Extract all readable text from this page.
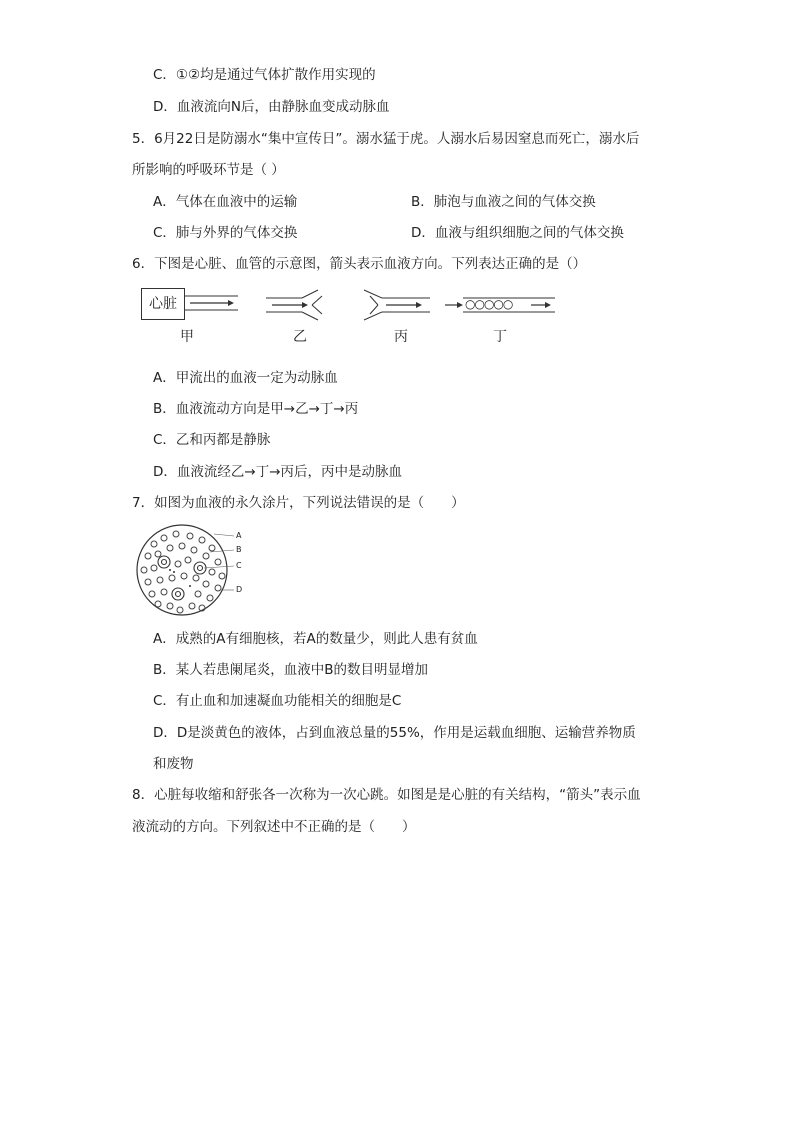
C．①②均是通过气体扩散作用实现的
D．血液流向N后，由静脉血变成动脉血
5．6月22日是防溺水“集中宣传日”。溺水猛于虎。人溺水后易因窒息而死亡，溺水后
所影响的呼吸环节是（ ）
A．气体在血液中的运输	B．肺泡与血液之间的气体交换
C．肺与外界的气体交换	D．血液与组织细胞之间的气体交换
6．下图是心脏、血管的示意图，箭头表示血液方向。下列表达正确的是（）
心脏	○○○○○
甲	乙	丙	丁
A．甲流出的血液一定为动脉血
B．血液流动方向是甲→乙→丁→丙
C．乙和丙都是静脉
D．血液流经乙→丁→丙后，丙中是动脉血
7．如图为血液的永久涂片，下列说法错误的是（　　）
A
B
C
D
A．成熟的A有细胞核，若A的数量少，则此人患有贫血
B．某人若患阑尾炎，血液中B的数目明显增加
C．有止血和加速凝血功能相关的细胞是C
D．D是淡黄色的液体，占到血液总量的55%，作用是运载血细胞、运输营养物质
和废物
8．心脏每收缩和舒张各一次称为一次心跳。如图是是心脏的有关结构，“箭头”表示血
液流动的方向。下列叙述中不正确的是（　　）
